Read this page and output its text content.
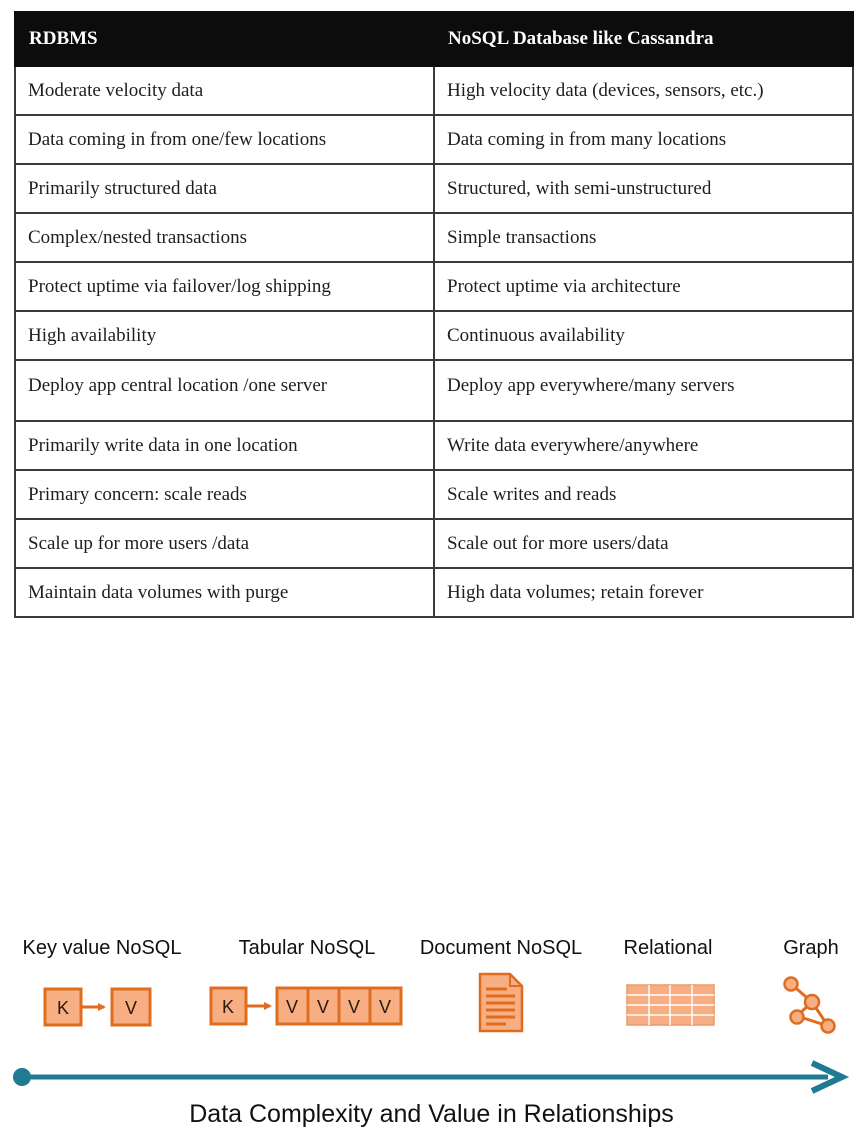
RDBMS	NoSQL Database like Cassandra
Moderate velocity data	High velocity data (devices, sensors, etc.)
Data coming in from one/few locations	Data coming in from many locations
Primarily structured data	Structured, with semi-unstructured
Complex/nested transactions	Simple transactions
Protect uptime via failover/log shipping	Protect uptime via architecture
High availability	Continuous availability
Deploy app central location /one server	Deploy app everywhere/many servers
Primarily write data in one location	Write data everywhere/anywhere
Primary concern: scale reads	Scale writes and reads
Scale up for more users /data	Scale out for more users/data
Maintain data volumes with purge	High data volumes; retain forever
Key value NoSQL	Tabular NoSQL Document NoSQL Relational	Graph
K	V	K	V V V V
Data Complexity and Value in Relationships
